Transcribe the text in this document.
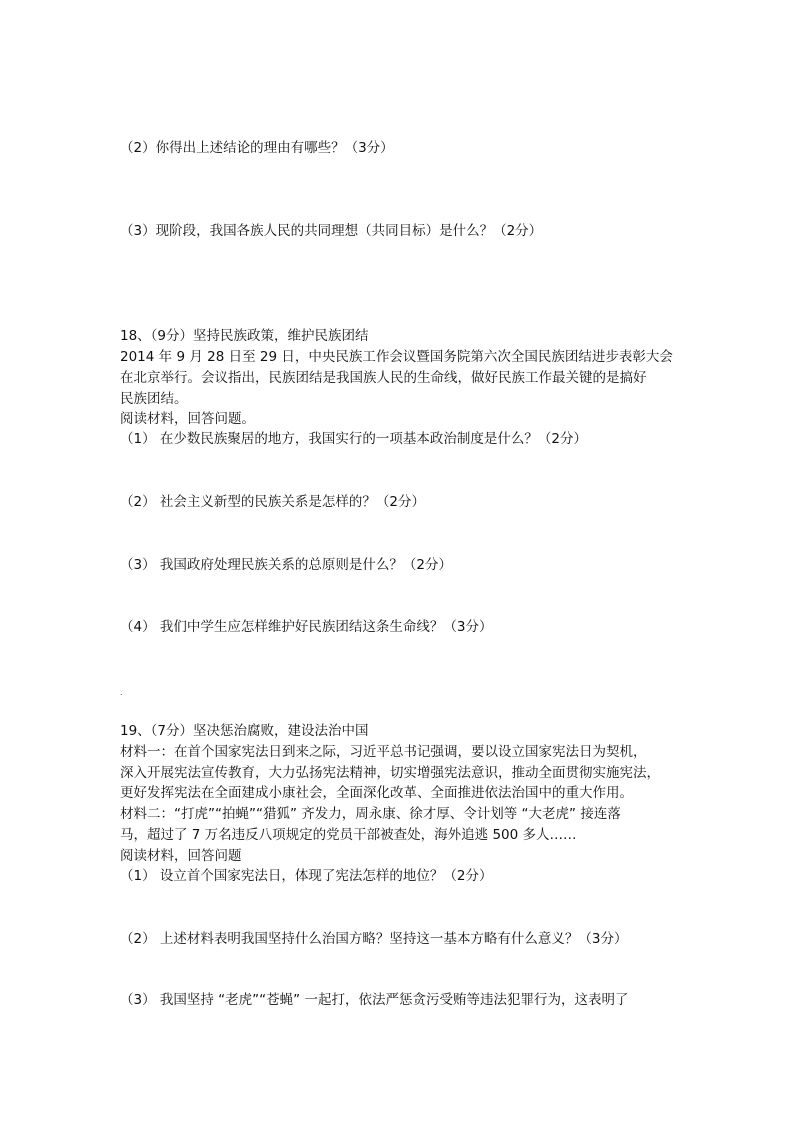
（2）你得出上述结论的理由有哪些？（3分）
（3）现阶段，我国各族人民的共同理想（共同目标）是什么？（2分）
18、（9分）坚持民族政策，维护民族团结
2014 年 9 月 28 日至 29 日，中央民族工作会议暨国务院第六次全国民族团结进步表彰大会
在北京举行。会议指出，民族团结是我国族人民的生命线，做好民族工作最关键的是搞好
民族团结。
阅读材料，回答问题。
（1） 在少数民族聚居的地方，我国实行的一项基本政治制度是什么？（2分）
（2） 社会主义新型的民族关系是怎样的？（2分）
（3） 我国政府处理民族关系的总原则是什么？（2分）
（4） 我们中学生应怎样维护好民族团结这条生命线？（3分）
.
19、（7分）坚决惩治腐败，建设法治中国
材料一：在首个国家宪法日到来之际，习近平总书记强调，要以设立国家宪法日为契机，
深入开展宪法宣传教育，大力弘扬宪法精神，切实增强宪法意识，推动全面贯彻实施宪法，
更好发挥宪法在全面建成小康社会，全面深化改革、全面推进依法治国中的重大作用。
材料二：“打虎”“拍蝇”“猎狐” 齐发力，周永康、徐才厚、令计划等 “大老虎” 接连落
马，超过了 7 万名违反八项规定的党员干部被查处，海外追逃 500 多人……
阅读材料，回答问题
（1） 设立首个国家宪法日，体现了宪法怎样的地位？（2分）
（2） 上述材料表明我国坚持什么治国方略？坚持这一基本方略有什么意义？（3分）
（3） 我国坚持 “老虎”“苍蝇” 一起打，依法严惩贪污受贿等违法犯罪行为，这表明了
